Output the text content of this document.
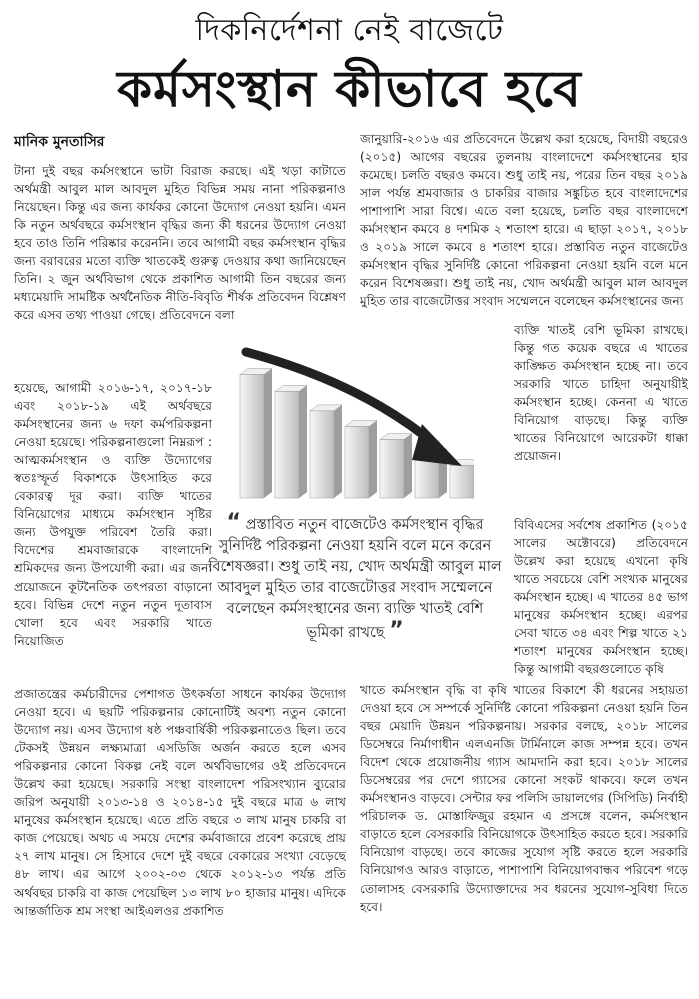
দিকনির্দেশনা নেই বাজেটে
কর্মসংস্থান কীভাবে হবে
মানিক মুনতাসির

টানা দুই বছর কর্মসংস্থানে ভাটা বিরাজ করছে। এই খড়া কাটাতে অর্থমন্ত্রী আবুল মাল আবদুল মুহিত বিভিন্ন সময় নানা পরিকল্পনাও নিয়েছেন। কিন্তু এর জন্য কার্যকর কোনো উদ্যোগ নেওয়া হয়নি। এমন কি নতুন অর্থবছরে কর্মসংস্থান বৃদ্ধির জন্য কী ধরনের উদ্যোগ নেওয়া হবে তাও তিনি পরিষ্কার করেননি। তবে আগামী বছর কর্মসংস্থান বৃদ্ধির জন্য বরাবরের মতো ব্যক্তি খাতকেই গুরুত্ব দেওয়ার কথা জানিয়েছেন তিনি। ২ জুন অর্থবিভাগ থেকে প্রকাশিত আগামী তিন বছরের জন্য মধ্যমেয়াদি সামষ্টিক অর্থনৈতিক নীতি-বিবৃতি শীর্ষক প্রতিবেদন বিশ্লেষণ করে এসব তথ্য পাওয়া গেছে। প্রতিবেদনে বলা

হয়েছে, আগামী ২০১৬-১৭, ২০১৭-১৮ এবং ২০১৮-১৯ এই অর্থবছরে কর্মসংস্থানের জন্য ৬ দফা কর্মপরিকল্পনা নেওয়া হয়েছে। পরিকল্পনাগুলো নিম্নরূপ : আত্মকর্মসংস্থান ও ব্যক্তি উদ্যোগের স্বতঃস্ফূর্ত বিকাশকে উৎসাহিত করে বেকারত্ব দূর করা। ব্যক্তি খাতের বিনিয়োগের মাধ্যমে কর্মসংস্থান সৃষ্টির জন্য উপযুক্ত পরিবেশ তৈরি করা। বিদেশের শ্রমবাজারকে বাংলাদেশি শ্রমিকদের জন্য উপযোগী করা। এর জন্য প্রয়োজনে কূটনৈতিক তৎপরতা বাড়ানো হবে। বিভিন্ন দেশে নতুন নতুন দূতাবাস খোলা হবে এবং সরকারি খাতে নিয়োজিত

প্রজাতন্ত্রের কর্মচারীদের পেশাগত উৎকর্ষতা সাধনে কার্যকর উদ্যোগ নেওয়া হবে। এ ছয়টি পরিকল্পনার কোনোটিই অবশ্য নতুন কোনো উদ্যোগ নয়। এসব উদ্যোগ ষষ্ঠ পঞ্চবার্ষিকী পরিকল্পনাতেও ছিল। তবে টেকসই উন্নয়ন লক্ষ্যমাত্রা এসডিজি অর্জন করতে হলে এসব পরিকল্পনার কোনো বিকল্প নেই বলে অর্থবিভাগের ওই প্রতিবেদনে উল্লেখ করা হয়েছে। সরকারি সংস্থা বাংলাদেশ পরিসংখ্যান ব্যুরোর জরিপ অনুযায়ী ২০১৩-১৪ ও ২০১৪-১৫ দুই বছরে মাত্র ৬ লাখ মানুষের কর্মসংস্থান হয়েছে। এতে প্রতি বছরে ৩ লাখ মানুষ চাকরি বা কাজ পেয়েছে। অথচ এ সময়ে দেশের কর্মবাজারে প্রবেশ করেছে প্রায় ২৭ লাখ মানুষ। সে হিসাবে দেশে দুই বছরে বেকারের সংখ্যা বেড়েছে ৪৮ লাখ। এর আগে ২০০২-০৩ থেকে ২০১২-১৩ পর্যন্ত প্রতি অর্থবছর চাকরি বা কাজ পেয়েছিল ১৩ লাখ ৮০ হাজার মানুষ। এদিকে আন্তর্জাতিক শ্রম সংস্থা আইএলওর প্রকাশিত

জানুয়ারি-২০১৬ এর প্রতিবেদনে উল্লেখ করা হয়েছে, বিদায়ী বছরেও (২০১৫) আগের বছরের তুলনায় বাংলাদেশে কর্মসংস্থানের হার কমেছে। চলতি বছরও কমবে। শুধু তাই নয়, পরের তিন বছর ২০১৯ সাল পর্যন্ত শ্রমবাজার ও চাকরির বাজার সঙ্কুচিত হবে বাংলাদেশের পাশাপাশি সারা বিশ্বে। এতে বলা হয়েছে, চলতি বছর বাংলাদেশে কর্মসংস্থান কমবে ৪ দশমিক ২ শতাংশ হারে। এ ছাড়া ২০১৭, ২০১৮ ও ২০১৯ সালে কমবে ৪ শতাংশ হারে। প্রস্তাবিত নতুন বাজেটেও কর্মসংস্থান বৃদ্ধির সুনির্দিষ্ট কোনো পরিকল্পনা নেওয়া হয়নি বলে মনে করেন বিশেষজ্ঞরা। শুধু তাই নয়, খোদ অর্থমন্ত্রী আবুল মাল আবদুল মুহিত তার বাজেটোত্তর সংবাদ সম্মেলনে বলেছেন কর্মসংস্থানের জন্য

ব্যক্তি খাতই বেশি ভূমিকা রাখছে। কিন্তু গত কয়েক বছরে এ খাতের কাঙ্ক্ষিত কর্মসংস্থান হচ্ছে না। তবে সরকারি খাতে চাহিদা অনুযায়ীই কর্মসংস্থান হচ্ছে। কেননা এ খাতে বিনিয়োগ বাড়ছে। কিন্তু ব্যক্তি খাতের বিনিয়োগে আরেকটা ধাক্কা প্রয়োজন।

বিবিএসের সর্বশেষ প্রকাশিত (২০১৫ সালের অক্টোবরে) প্রতিবেদনে উল্লেখ করা হয়েছে এখনো কৃষি খাতে সবচেয়ে বেশি সংখ্যক মানুষের কর্মসংস্থান হচ্ছে। এ খাতের ৪৫ ভাগ মানুষের কর্মসংস্থান হচ্ছে। এরপর সেবা খাতে ৩৪ এবং শিল্প খাতে ২১ শতাংশ মানুষের কর্মসংস্থান হচ্ছে। কিন্তু আগামী বছরগুলোতে কৃষি

খাতে কর্মসংস্থান বৃদ্ধি বা কৃষি খাতের বিকাশে কী ধরনের সহায়তা দেওয়া হবে সে সম্পর্কে সুনির্দিষ্ট কোনো পরিকল্পনা নেওয়া হয়নি তিন বছর মেয়াদি উন্নয়ন পরিকল্পনায়। সরকার বলছে, ২০১৮ সালের ডিসেম্বরে নির্মাণাধীন এলএনজি টার্মিনালে কাজ সম্পন্ন হবে। তখন বিদেশ থেকে প্রয়োজনীয় গ্যাস আমদানি করা হবে। ২০১৮ সালের ডিসেম্বরের পর দেশে গ্যাসের কোনো সংকট থাকবে। ফলে তখন কর্মসংস্থানও বাড়বে। সেন্টার ফর পলিসি ডায়ালগের (সিপিডি) নির্বাহী পরিচালক ড. মোস্তাফিজুর রহমান এ প্রসঙ্গে বলেন, কর্মসংস্থান বাড়াতে হলে বেসরকারি বিনিয়োগকে উৎসাহিত করতে হবে। সরকারি বিনিয়োগ বাড়ছে। তবে কাজের সুযোগ সৃষ্টি করতে হলে সরকারি বিনিয়োগও আরও বাড়াতে, পাশাপাশি বিনিয়োগবান্ধব পরিবেশ গড়ে তোলাসহ বেসরকারি উদ্যোক্তাদের সব ধরনের সুযোগ-সুবিধা দিতে হবে।

“ প্রস্তাবিত নতুন বাজেটেও কর্মসংস্থান বৃদ্ধির সুনির্দিষ্ট পরিকল্পনা নেওয়া হয়নি বলে মনে করেন বিশেষজ্ঞরা। শুধু তাই নয়, খোদ অর্থমন্ত্রী আবুল মাল আবদুল মুহিত তার বাজেটোত্তর সংবাদ সম্মেলনে বলেছেন কর্মসংস্থানের জন্য ব্যক্তি খাতই বেশি ভূমিকা রাখছে ”
